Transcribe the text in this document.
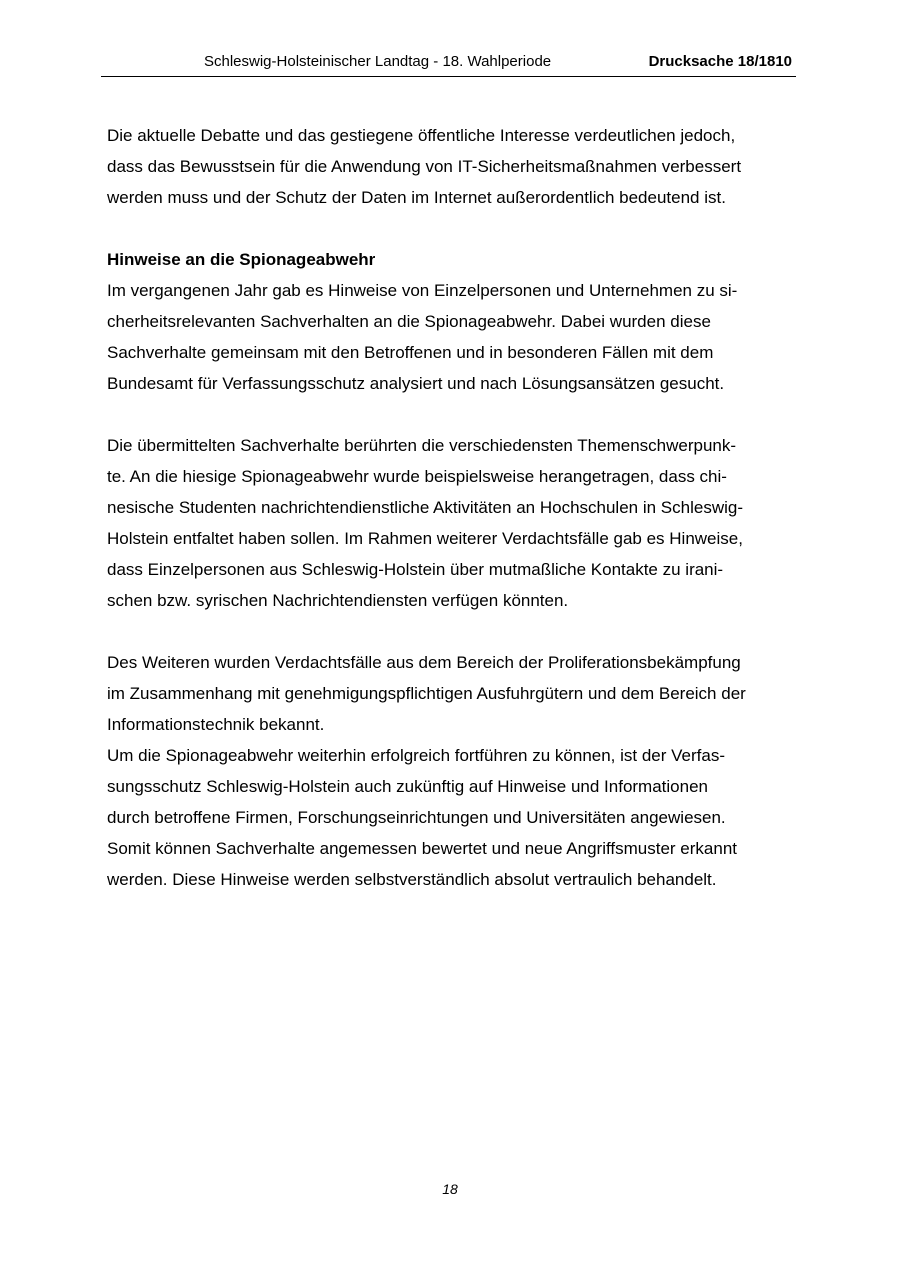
Schleswig-Holsteinischer Landtag - 18. Wahlperiode	Drucksache 18/1810
Die aktuelle Debatte und das gestiegene öffentliche Interesse verdeutlichen jedoch,
dass das Bewusstsein für die Anwendung von IT-Sicherheitsmaßnahmen verbessert
werden muss und der Schutz der Daten im Internet außerordentlich bedeutend ist.
Hinweise an die Spionageabwehr
Im vergangenen Jahr gab es Hinweise von Einzelpersonen und Unternehmen zu si-
cherheitsrelevanten Sachverhalten an die Spionageabwehr. Dabei wurden diese
Sachverhalte gemeinsam mit den Betroffenen und in besonderen Fällen mit dem
Bundesamt für Verfassungsschutz analysiert und nach Lösungsansätzen gesucht.
Die übermittelten Sachverhalte berührten die verschiedensten Themenschwerpunk-
te. An die hiesige Spionageabwehr wurde beispielsweise herangetragen, dass chi-
nesische Studenten nachrichtendienstliche Aktivitäten an Hochschulen in Schleswig-
Holstein entfaltet haben sollen. Im Rahmen weiterer Verdachtsfälle gab es Hinweise,
dass Einzelpersonen aus Schleswig-Holstein über mutmaßliche Kontakte zu irani-
schen bzw. syrischen Nachrichtendiensten verfügen könnten.
Des Weiteren wurden Verdachtsfälle aus dem Bereich der Proliferationsbekämpfung
im Zusammenhang mit genehmigungspflichtigen Ausfuhrgütern und dem Bereich der
Informationstechnik bekannt.
Um die Spionageabwehr weiterhin erfolgreich fortführen zu können, ist der Verfas-
sungsschutz Schleswig-Holstein auch zukünftig auf Hinweise und Informationen
durch betroffene Firmen, Forschungseinrichtungen und Universitäten angewiesen.
Somit können Sachverhalte angemessen bewertet und neue Angriffsmuster erkannt
werden. Diese Hinweise werden selbstverständlich absolut vertraulich behandelt.
18
